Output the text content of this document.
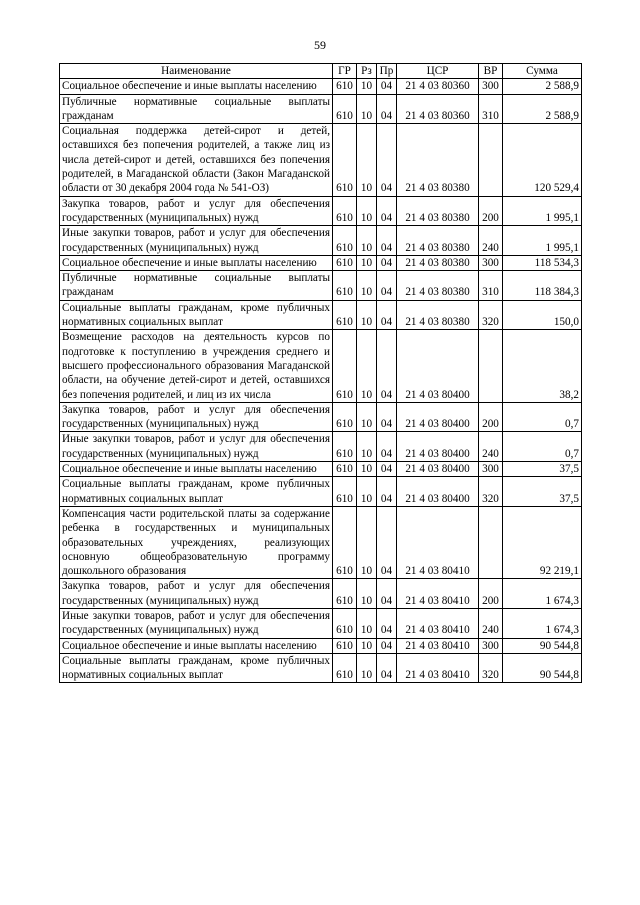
59
Наименование	ГР	Рз	Пр	ЦСР	ВР	Сумма
Социальное обеспечение и иные выплаты населению	610	10	04	21 4 03 80360	300	2 588,9
Публичные нормативные социальные выплаты гражданам	610	10	04	21 4 03 80360	310	2 588,9
Социальная поддержка детей-сирот и детей, оставшихся без попечения родителей, а также лиц из числа детей-сирот и детей, оставшихся без попечения родителей, в Магаданской области (Закон Магаданской области от 30 декабря 2004 года № 541-ОЗ)	610	10	04	21 4 03 80380		120 529,4
Закупка товаров, работ и услуг для обеспечения государственных (муниципальных) нужд	610	10	04	21 4 03 80380	200	1 995,1
Иные закупки товаров, работ и услуг для обеспечения государственных (муниципальных) нужд	610	10	04	21 4 03 80380	240	1 995,1
Социальное обеспечение и иные выплаты населению	610	10	04	21 4 03 80380	300	118 534,3
Публичные нормативные социальные выплаты гражданам	610	10	04	21 4 03 80380	310	118 384,3
Социальные выплаты гражданам, кроме публичных нормативных социальных выплат	610	10	04	21 4 03 80380	320	150,0
Возмещение расходов на деятельность курсов по подготовке к поступлению в учреждения среднего и высшего профессионального образования Магаданской области, на обучение детей-сирот и детей, оставшихся без попечения родителей, и лиц из их числа	610	10	04	21 4 03 80400		38,2
Закупка товаров, работ и услуг для обеспечения государственных (муниципальных) нужд	610	10	04	21 4 03 80400	200	0,7
Иные закупки товаров, работ и услуг для обеспечения государственных (муниципальных) нужд	610	10	04	21 4 03 80400	240	0,7
Социальное обеспечение и иные выплаты населению	610	10	04	21 4 03 80400	300	37,5
Социальные выплаты гражданам, кроме публичных нормативных социальных выплат	610	10	04	21 4 03 80400	320	37,5
Компенсация части родительской платы за содержание ребенка в государственных и муниципальных образовательных учреждениях, реализующих основную общеобразовательную программу дошкольного образования	610	10	04	21 4 03 80410		92 219,1
Закупка товаров, работ и услуг для обеспечения государственных (муниципальных) нужд	610	10	04	21 4 03 80410	200	1 674,3
Иные закупки товаров, работ и услуг для обеспечения государственных (муниципальных) нужд	610	10	04	21 4 03 80410	240	1 674,3
Социальное обеспечение и иные выплаты населению	610	10	04	21 4 03 80410	300	90 544,8
Социальные выплаты гражданам, кроме публичных нормативных социальных выплат	610	10	04	21 4 03 80410	320	90 544,8
